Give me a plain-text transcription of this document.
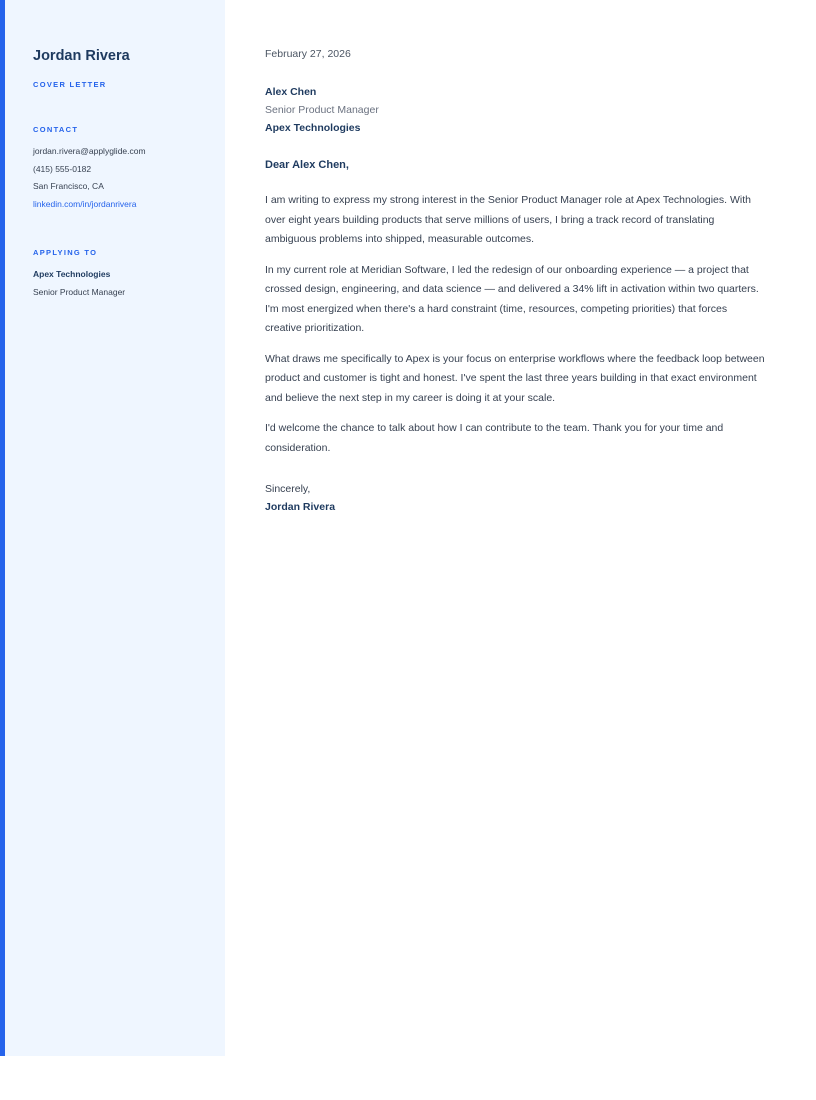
Jordan Rivera
COVER LETTER
CONTACT
jordan.rivera@applyglide.com
(415) 555-0182
San Francisco, CA
linkedin.com/in/jordanrivera
APPLYING TO
Apex Technologies
Senior Product Manager
February 27, 2026
Alex Chen
Senior Product Manager
Apex Technologies
Dear Alex Chen,

I am writing to express my strong interest in the Senior Product Manager role at Apex Technologies. With over eight years building products that serve millions of users, I bring a track record of translating ambiguous problems into shipped, measurable outcomes.

In my current role at Meridian Software, I led the redesign of our onboarding experience — a project that crossed design, engineering, and data science — and delivered a 34% lift in activation within two quarters. I'm most energized when there's a hard constraint (time, resources, competing priorities) that forces creative prioritization.

What draws me specifically to Apex is your focus on enterprise workflows where the feedback loop between product and customer is tight and honest. I've spent the last three years building in that exact environment and believe the next step in my career is doing it at your scale.

I'd welcome the chance to talk about how I can contribute to the team. Thank you for your time and consideration.

Sincerely,
Jordan Rivera
